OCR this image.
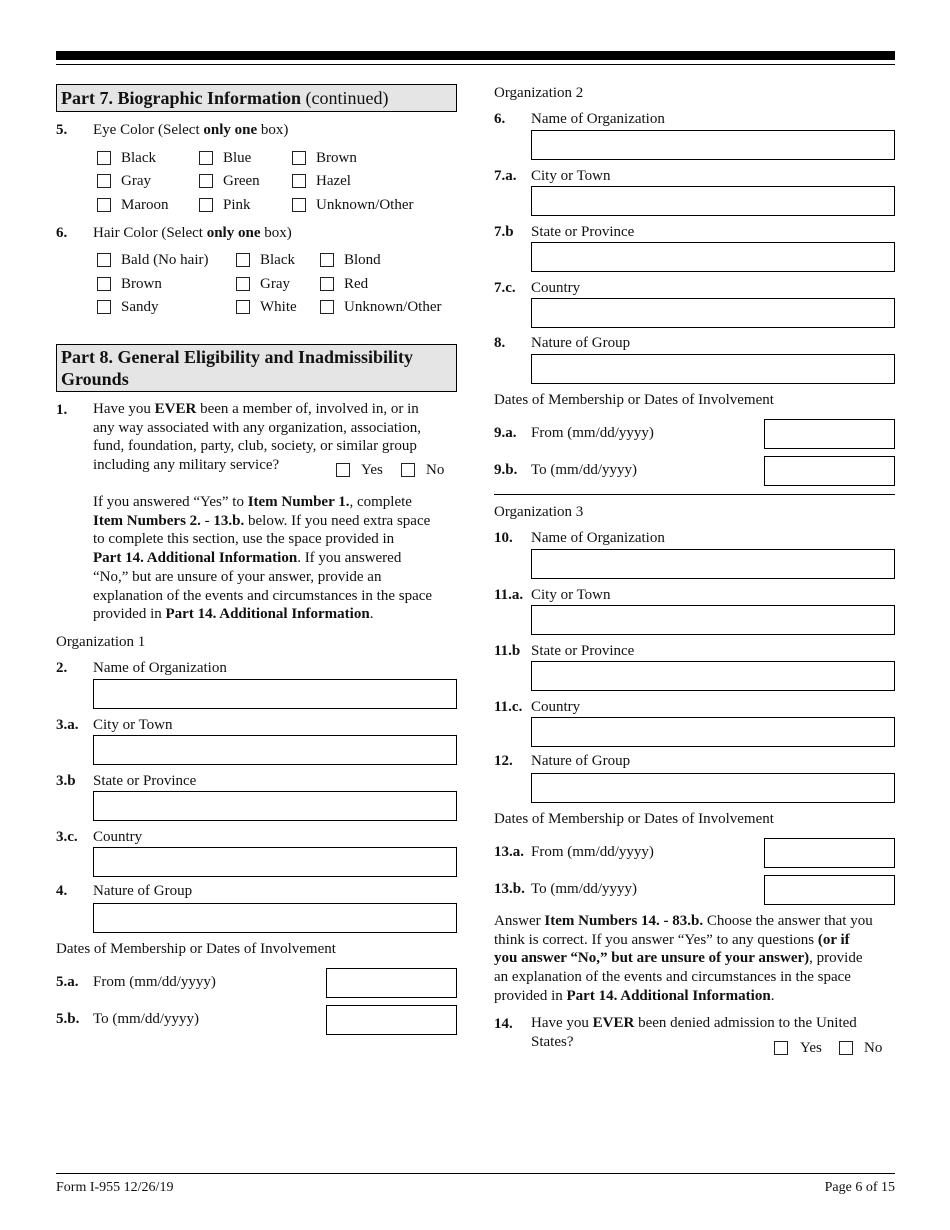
Part 7. Biographic Information (continued)
5. Eye Color (Select only one box)
Black	Blue	Brown
Gray	Green	Hazel
Maroon	Pink	Unknown/Other
6. Hair Color (Select only one box)
Bald (No hair)	Black	Blond
Brown	Gray	Red
Sandy	White	Unknown/Other
Part 8. General Eligibility and Inadmissibility
Grounds
1. Have you EVER been a member of, involved in, or in
any way associated with any organization, association,
fund, foundation, party, club, society, or similar group
including any military service?	Yes	No
If you answered “Yes” to Item Number 1., complete
Item Numbers 2. - 13.b. below. If you need extra space
to complete this section, use the space provided in
Part 14. Additional Information. If you answered
“No,” but are unsure of your answer, provide an
explanation of the events and circumstances in the space
provided in Part 14. Additional Information.
Organization 1
2. Name of Organization
3.a. City or Town
3.b State or Province
3.c. Country
4. Nature of Group
Dates of Membership or Dates of Involvement
5.a. From (mm/dd/yyyy)
5.b. To (mm/dd/yyyy)
Organization 2
6. Name of Organization
7.a. City or Town
7.b State or Province
7.c. Country
8. Nature of Group
Dates of Membership or Dates of Involvement
9.a. From (mm/dd/yyyy)
9.b. To (mm/dd/yyyy)
Organization 3
10. Name of Organization
11.a. City or Town
11.b State or Province
11.c. Country
12. Nature of Group
Dates of Membership or Dates of Involvement
13.a. From (mm/dd/yyyy)
13.b. To (mm/dd/yyyy)
Answer Item Numbers 14. - 83.b. Choose the answer that you
think is correct. If you answer “Yes” to any questions (or if
you answer “No,” but are unsure of your answer), provide
an explanation of the events and circumstances in the space
provided in Part 14. Additional Information.
14. Have you EVER been denied admission to the United
States?	Yes	No
Form I-955 12/26/19	Page 6 of 15
